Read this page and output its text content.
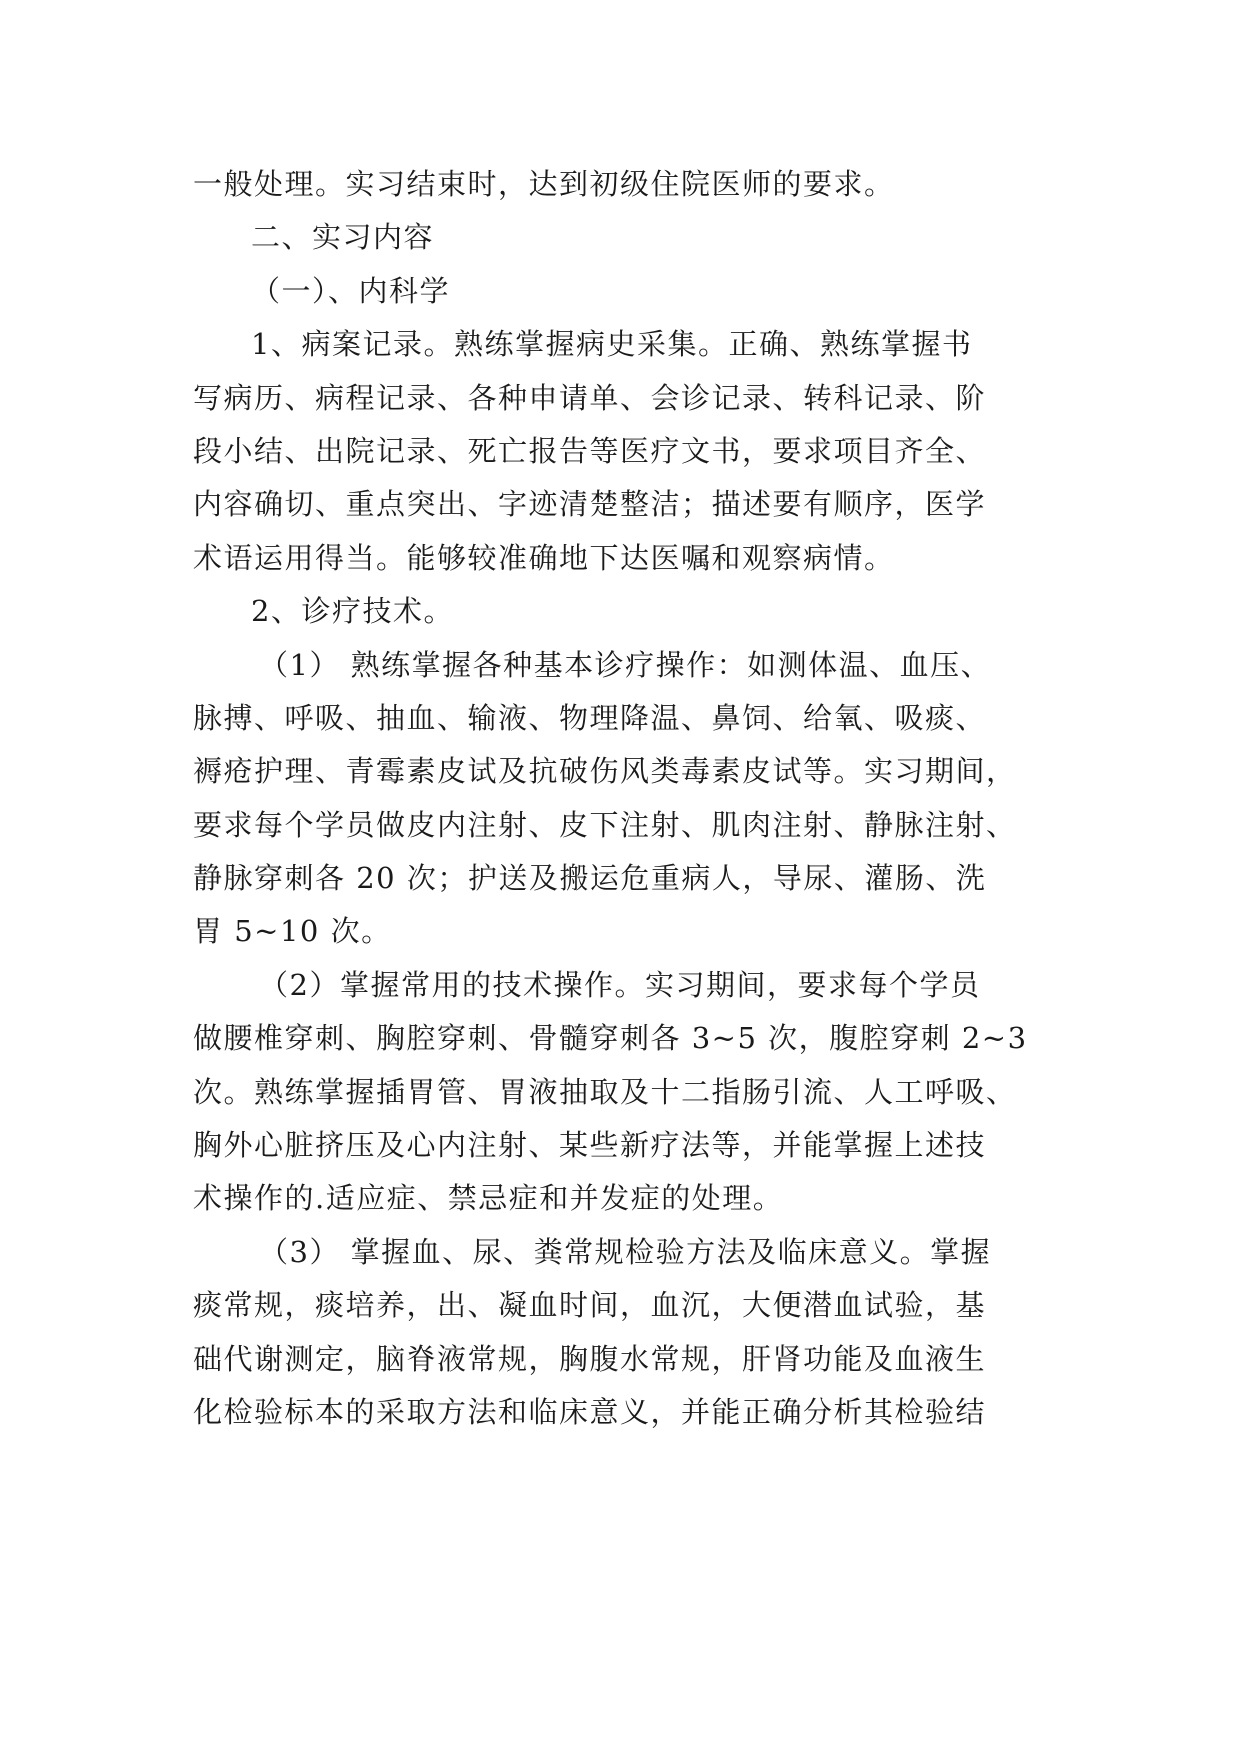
一般处理。实习结束时，达到初级住院医师的要求。
二、实习内容
（一）、内科学
1、病案记录。熟练掌握病史采集。正确、熟练掌握书
写病历、病程记录、各种申请单、会诊记录、转科记录、阶
段小结、出院记录、死亡报告等医疗文书，要求项目齐全、
内容确切、重点突出、字迹清楚整洁；描述要有顺序，医学
术语运用得当。能够较准确地下达医嘱和观察病情。
2、诊疗技术。
（1） 熟练掌握各种基本诊疗操作：如测体温、血压、
脉搏、呼吸、抽血、输液、物理降温、鼻饲、给氧、吸痰、
褥疮护理、青霉素皮试及抗破伤风类毒素皮试等。实习期间，
要求每个学员做皮内注射、皮下注射、肌肉注射、静脉注射、
静脉穿刺各 20 次；护送及搬运危重病人，导尿、灌肠、洗
胃 5~10 次。
（2）掌握常用的技术操作。实习期间，要求每个学员
做腰椎穿刺、胸腔穿刺、骨髓穿刺各 3~5 次，腹腔穿刺 2~3
次。熟练掌握插胃管、胃液抽取及十二指肠引流、人工呼吸、
胸外心脏挤压及心内注射、某些新疗法等，并能掌握上述技
术操作的.适应症、禁忌症和并发症的处理。
（3） 掌握血、尿、粪常规检验方法及临床意义。掌握
痰常规，痰培养，出、凝血时间，血沉，大便潜血试验，基
础代谢测定，脑脊液常规，胸腹水常规，肝肾功能及血液生
化检验标本的采取方法和临床意义，并能正确分析其检验结
